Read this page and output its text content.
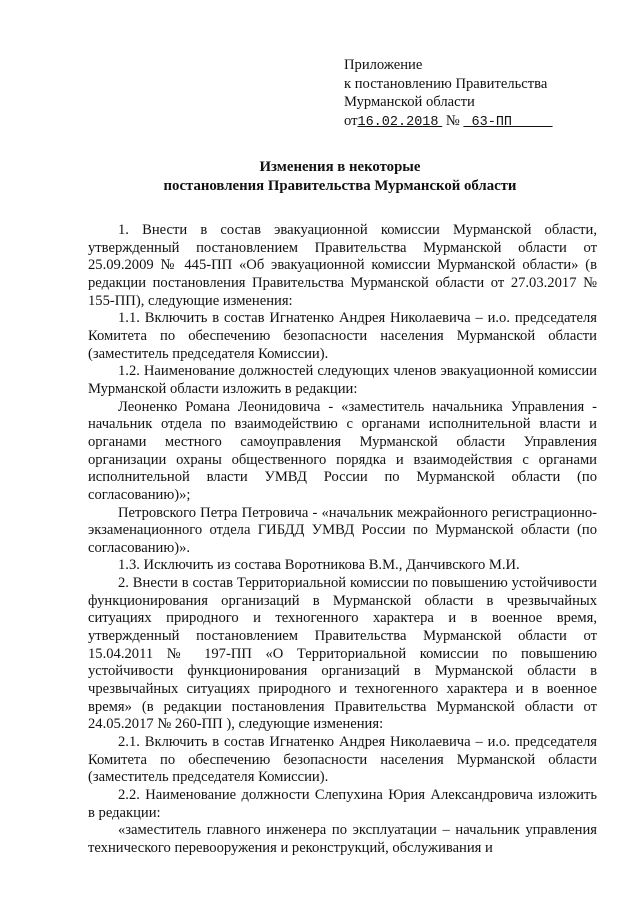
Приложение
к постановлению Правительства
Мурманской области
от16.02.2018 № 63-ПП
Изменения в некоторые
постановления Правительства Мурманской области

1. Внести в состав эвакуационной комиссии Мурманской области, утвержденный постановлением Правительства Мурманской области от 25.09.2009 № 445-ПП «Об эвакуационной комиссии Мурманской области» (в редакции постановления Правительства Мурманской области от 27.03.2017 № 155-ПП), следующие изменения:

1.1. Включить в состав Игнатенко Андрея Николаевича – и.о. председателя Комитета по обеспечению безопасности населения Мурманской области (заместитель председателя Комиссии).

1.2. Наименование должностей следующих членов эвакуационной комиссии Мурманской области изложить в редакции:

Леоненко Романа Леонидовича - «заместитель начальника Управления - начальник отдела по взаимодействию с органами исполнительной власти и органами местного самоуправления Мурманской области Управления организации охраны общественного порядка и взаимодействия с органами исполнительной власти УМВД России по Мурманской области (по согласованию)»;

Петровского Петра Петровича - «начальник межрайонного регистрационно-экзаменационного отдела ГИБДД УМВД России по Мурманской области (по согласованию)».

1.3. Исключить из состава Воротникова В.М., Данчивского М.И.

2. Внести в состав Территориальной комиссии по повышению устойчивости функционирования организаций в Мурманской области в чрезвычайных ситуациях природного и техногенного характера и в военное время, утвержденный постановлением Правительства Мурманской области от 15.04.2011 № 197-ПП «О Территориальной комиссии по повышению устойчивости функционирования организаций в Мурманской области в чрезвычайных ситуациях природного и техногенного характера и в военное время» (в редакции постановления Правительства Мурманской области от 24.05.2017 № 260-ПП ), следующие изменения:

2.1. Включить в состав Игнатенко Андрея Николаевича – и.о. председателя Комитета по обеспечению безопасности населения Мурманской области (заместитель председателя Комиссии).

2.2. Наименование должности Слепухина Юрия Александровича изложить в редакции:

«заместитель главного инженера по эксплуатации – начальник управления технического перевооружения и реконструкций, обслуживания и
